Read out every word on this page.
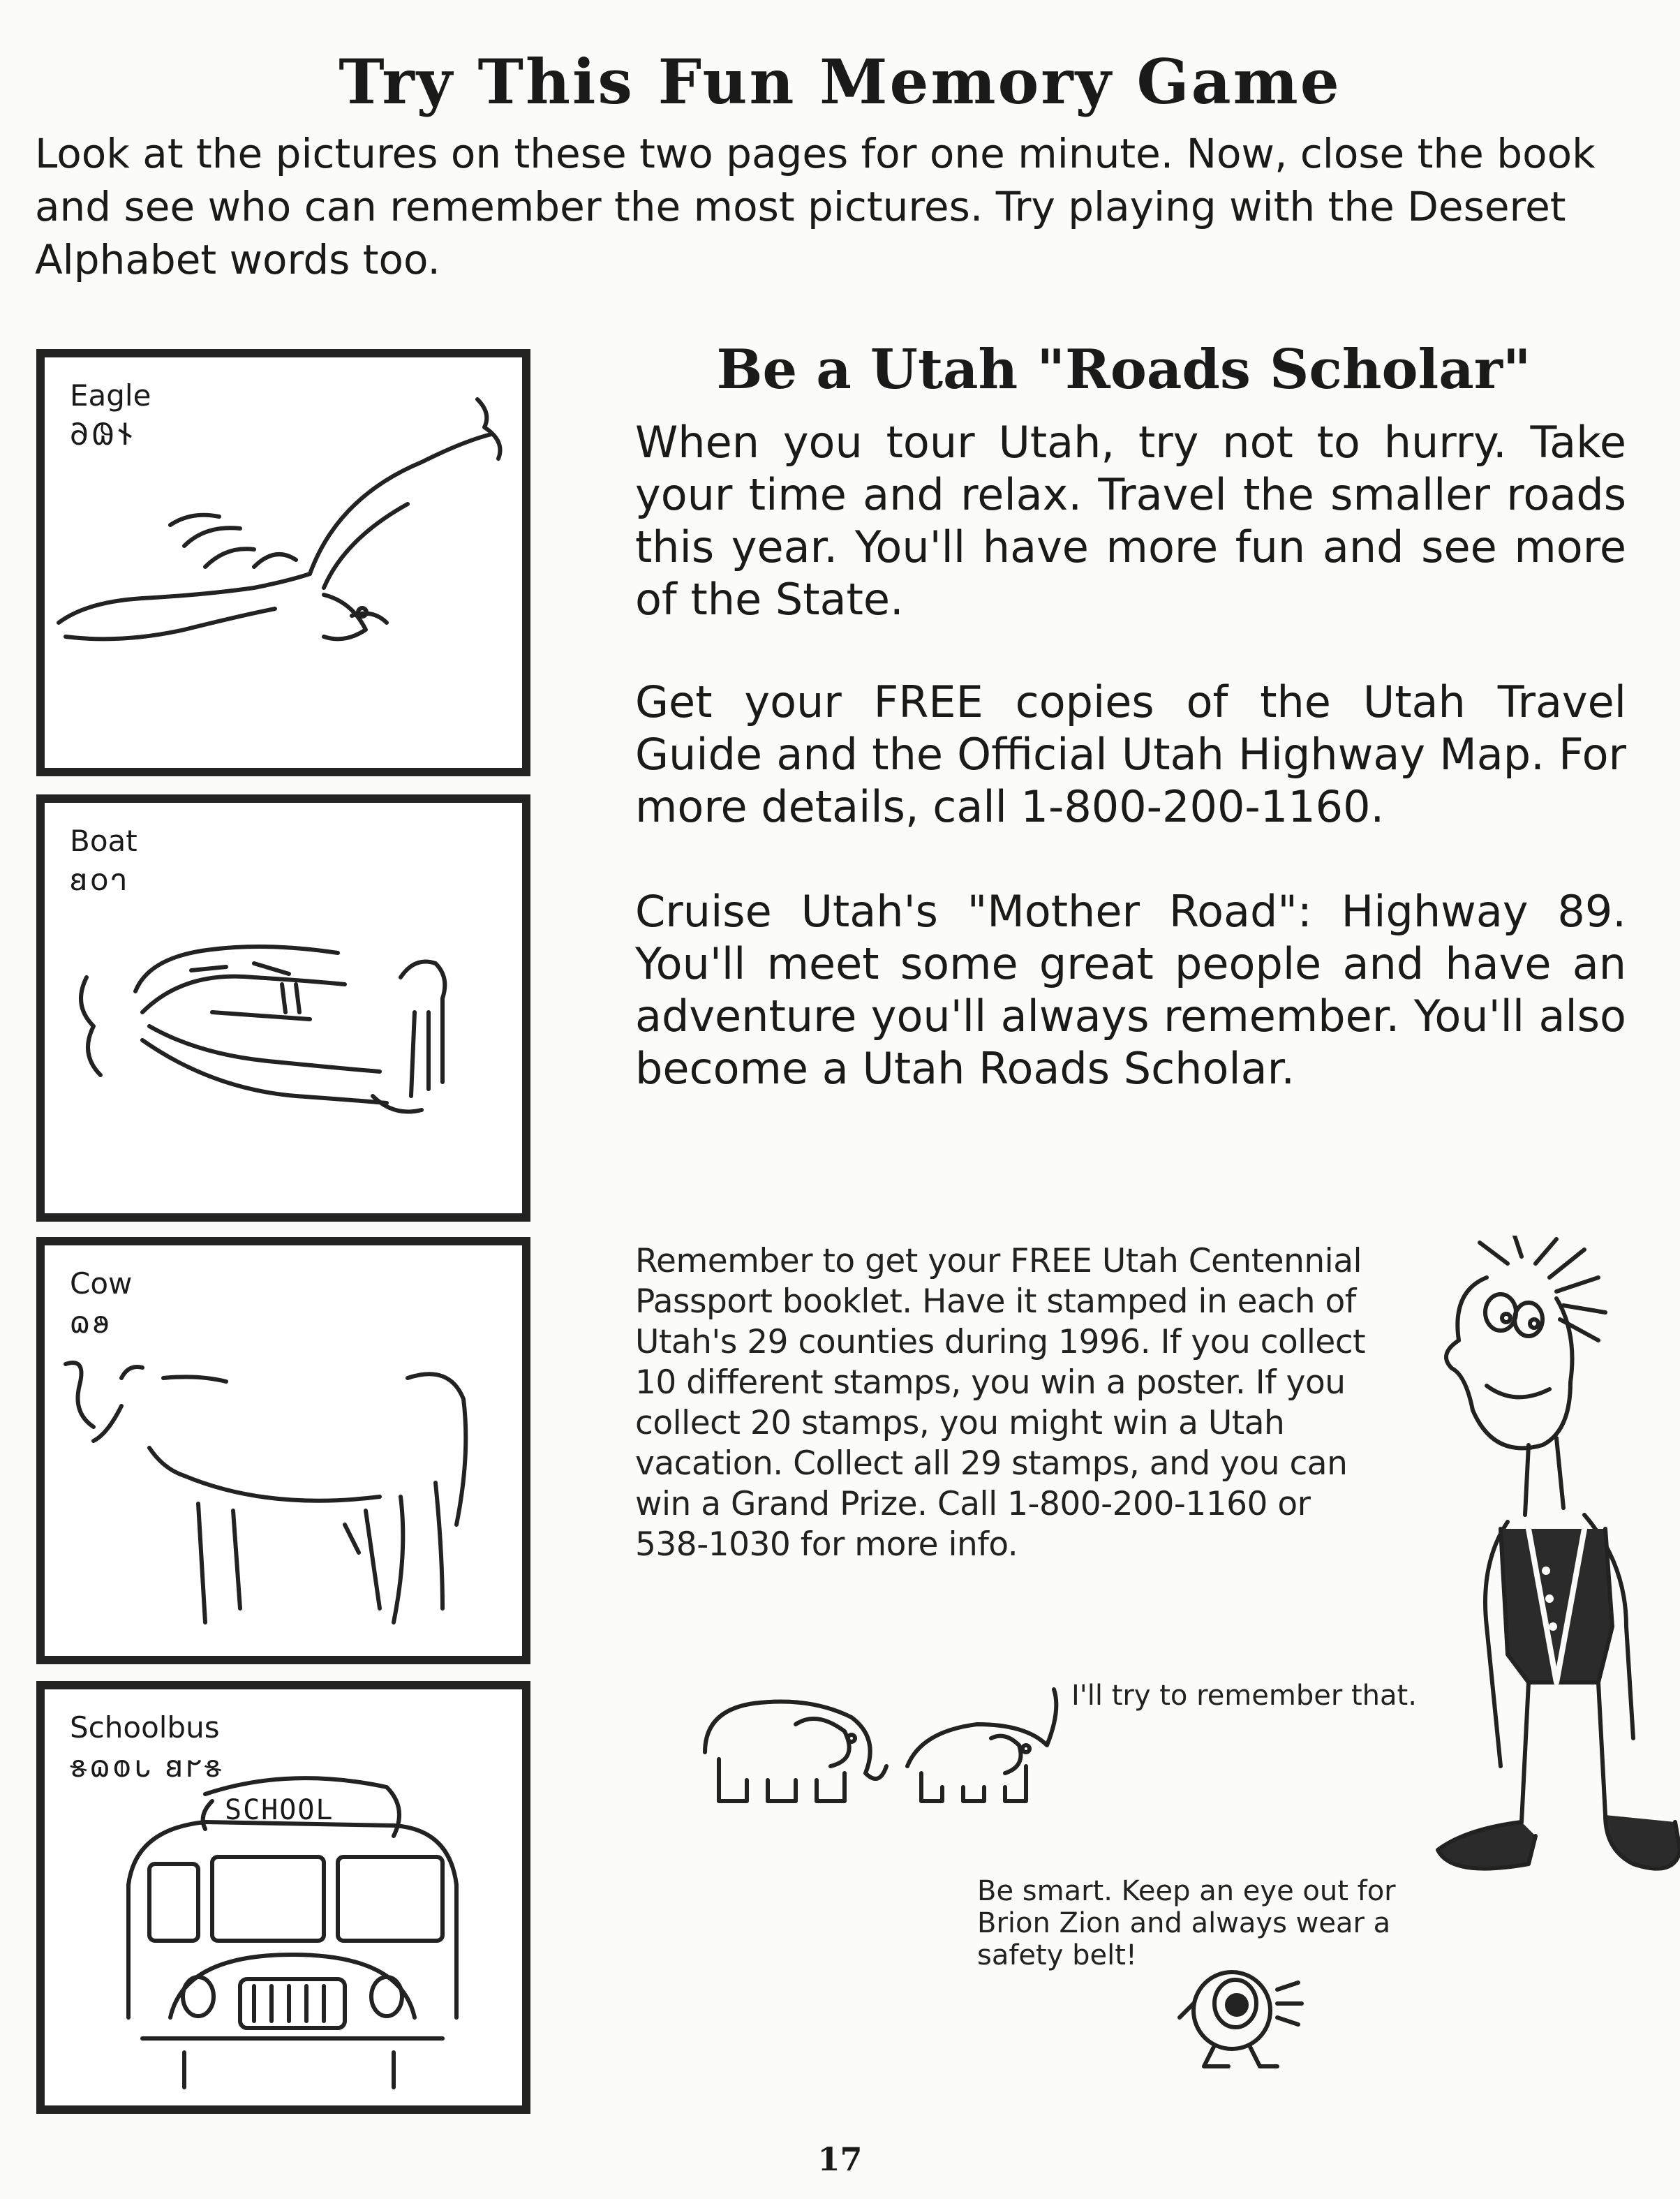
Try This Fun Memory Game

Look at the pictures on these two pages for one minute. Now, close the book and see who can remember the most pictures. Try playing with the Deseret Alphabet words too.

Eagle
𐐀𐐘𐐆
Boat
𐐺𐐬𐐻
Cow
𐐿𐐵
Schoolbus
𐑅𐐿𐐭𐑊 𐐺𐐲𐑅
SCHOOL
Be a Utah "Roads Scholar"

When you tour Utah, try not to hurry. Take your time and relax. Travel the smaller roads this year. You'll have more fun and see more of the State.

Get your FREE copies of the Utah Travel Guide and the Official Utah Highway Map. For more details, call 1-800-200-1160.

Cruise Utah's "Mother Road": Highway 89. You'll meet some great people and have an adventure you'll always remember. You'll also become a Utah Roads Scholar.

Remember to get your FREE Utah Centennial Passport booklet. Have it stamped in each of Utah's 29 counties during 1996. If you collect 10 different stamps, you win a poster. If you collect 20 stamps, you might win a Utah vacation. Collect all 29 stamps, and you can win a Grand Prize. Call 1-800-200-1160 or 538-1030 for more info.

I'll try to remember that.
Be smart. Keep an eye out for Brion Zion and always wear a safety belt!
17
